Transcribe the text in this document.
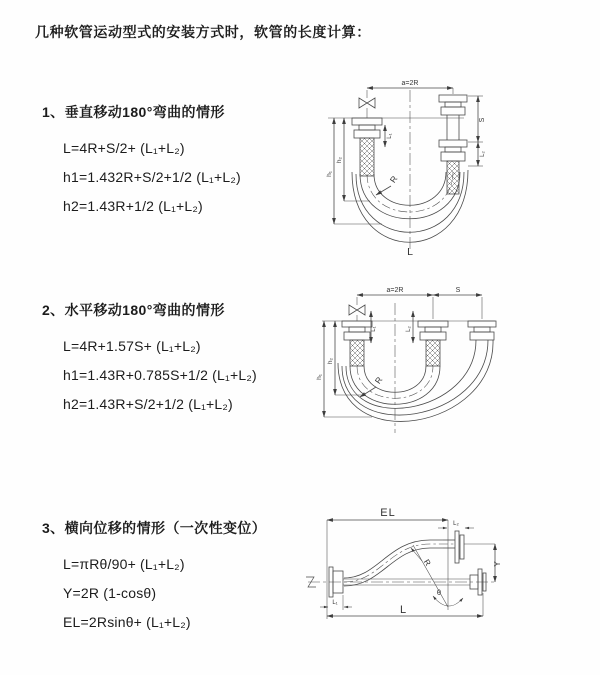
几种软管运动型式的安装方式时，软管的长度计算：
1、垂直移动180°弯曲的情形
L=4R+S/2+ (L₁+L₂)
h1=1.432R+S/2+1/2 (L₁+L₂)
h2=1.43R+1/2 (L₁+L₂)
2、水平移动180°弯曲的情形
L=4R+1.57S+ (L₁+L₂)
h1=1.43R+0.785S+1/2 (L₁+L₂)
h2=1.43R+S/2+1/2 (L₁+L₂)
3、横向位移的情形（一次性变位）
L=πRθ/90+ (L₁+L₂)
Y=2R (1-cosθ)
EL=2Rsinθ+ (L₁+L₂)
a=2R
L₁
S
L₂
h₂
h₁	R
L
a=2R	S
L₁	L₂
h₂
h₁	R
EL
L₂
Y
R
θ
L
L₁
